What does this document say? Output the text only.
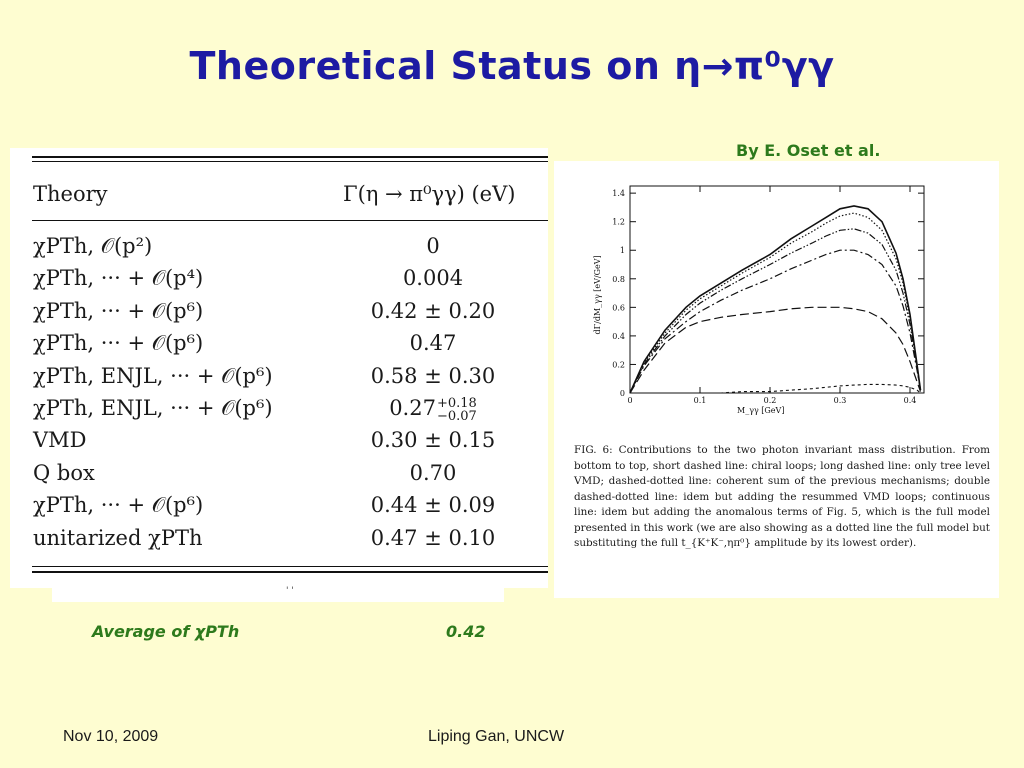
Theoretical Status on η→π⁰γγ
By E. Oset et al.
Theory	Γ(η → π⁰γγ) (eV)
χPTh, 𝒪(p²)	0
χPTh, ··· + 𝒪(p⁴)	0.004
χPTh, ··· + 𝒪(p⁶)	0.42 ± 0.20
χPTh, ··· + 𝒪(p⁶)	0.47
χPTh, ENJL, ··· + 𝒪(p⁶)	0.58 ± 0.30
χPTh, ENJL, ··· + 𝒪(p⁶)	0.27 +0.18
−0.07
VMD	0.30 ± 0.15
Q box	0.70
χPTh, ··· + 𝒪(p⁶)	0.44 ± 0.09
unitarized χPTh	0.47 ± 0.10
' '
0
0.2
0.4
0.6
0.8
1
1.2
1.4
0	0.1	0.2	0.3	0.4
M_γγ [GeV]
dΓ/dM_γγ [eV/GeV]
FIG. 6: Contributions to the two photon invariant mass distribution. From bottom to top, short dashed line: chiral loops; long dashed line: only tree level VMD; dashed-dotted line: coherent sum of the previous mechanisms; double dashed-dotted line: idem but adding the resummed VMD loops; continuous line: idem but adding the anomalous terms of Fig. 5, which is the full model presented in this work (we are also showing as a dotted line the full model but substituting the full t_{K⁺K⁻,ηπ⁰} amplitude by its lowest order).
Average of χPTh	0.42
Nov 10, 2009	Liping Gan, UNCW
